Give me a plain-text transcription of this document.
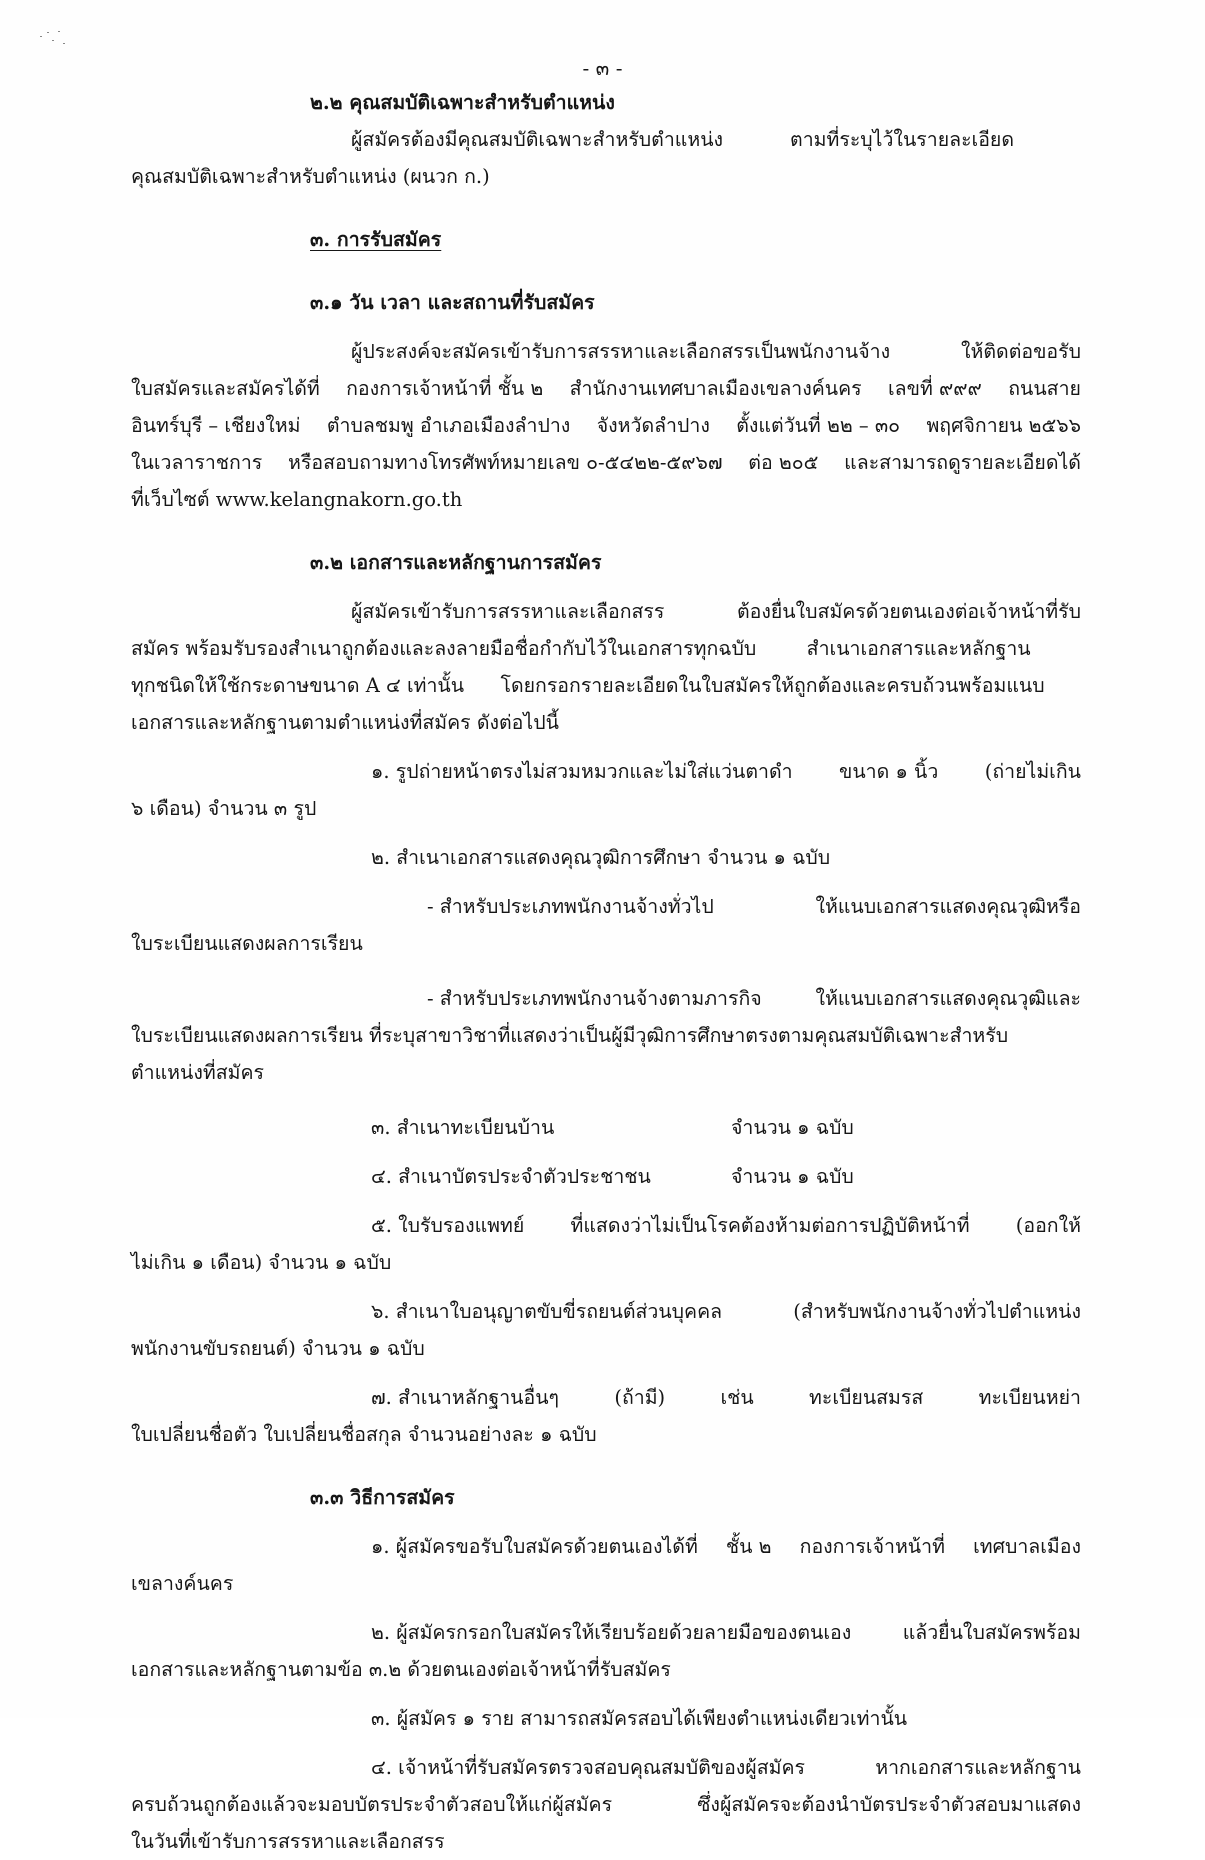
- ๓ -
๒.๒ คุณสมบัติเฉพาะสำหรับตำแหน่ง
ผู้สมัครต้องมีคุณสมบัติเฉพาะสำหรับตำแหน่ง	ตามที่ระบุไว้ในรายละเอียด
คุณสมบัติเฉพาะสำหรับตำแหน่ง (ผนวก ก.)
๓. การรับสมัคร
๓.๑ วัน เวลา และสถานที่รับสมัคร
ผู้ประสงค์จะสมัครเข้ารับการสรรหาและเลือกสรรเป็นพนักงานจ้าง	ให้ติดต่อขอรับ
ใบสมัครและสมัครได้ที่ กองการเจ้าหน้าที่ ชั้น ๒ สำนักงานเทศบาลเมืองเขลางค์นคร เลขที่ ๙๙๙ ถนนสาย
อินทร์บุรี – เชียงใหม่ ตำบลชมพู อำเภอเมืองลำปาง จังหวัดลำปาง ตั้งแต่วันที่ ๒๒ – ๓๐ พฤศจิกายน ๒๕๖๖
ในเวลาราชการ หรือสอบถามทางโทรศัพท์หมายเลข ๐-๕๔๒๒-๕๙๖๗ ต่อ ๒๐๕ และสามารถดูรายละเอียดได้
ที่เว็บไซต์ www.kelangnakorn.go.th
๓.๒ เอกสารและหลักฐานการสมัคร
ผู้สมัครเข้ารับการสรรหาและเลือกสรร	ต้องยื่นใบสมัครด้วยตนเองต่อเจ้าหน้าที่รับ
สมัคร พร้อมรับรองสำเนาถูกต้องและลงลายมือชื่อกำกับไว้ในเอกสารทุกฉบับ	สำเนาเอกสารและหลักฐาน
ทุกชนิดให้ใช้กระดาษขนาด A ๔ เท่านั้น โดยกรอกรายละเอียดในใบสมัครให้ถูกต้องและครบถ้วนพร้อมแนบ
เอกสารและหลักฐานตามตำแหน่งที่สมัคร ดังต่อไปนี้
๑. รูปถ่ายหน้าตรงไม่สวมหมวกและไม่ใส่แว่นตาดำ ขนาด ๑ นิ้ว (ถ่ายไม่เกิน
๖ เดือน) จำนวน ๓ รูป
๒. สำเนาเอกสารแสดงคุณวุฒิการศึกษา จำนวน ๑ ฉบับ
- สำหรับประเภทพนักงานจ้างทั่วไป	ให้แนบเอกสารแสดงคุณวุฒิหรือ
ใบระเบียนแสดงผลการเรียน
- สำหรับประเภทพนักงานจ้างตามภารกิจ	ให้แนบเอกสารแสดงคุณวุฒิและ
ใบระเบียนแสดงผลการเรียน ที่ระบุสาขาวิชาที่แสดงว่าเป็นผู้มีวุฒิการศึกษาตรงตามคุณสมบัติเฉพาะสำหรับ
ตำแหน่งที่สมัคร
๓. สำเนาทะเบียนบ้าน	จำนวน ๑ ฉบับ
๔. สำเนาบัตรประจำตัวประชาชน	จำนวน ๑ ฉบับ
๕. ใบรับรองแพทย์ ที่แสดงว่าไม่เป็นโรคต้องห้ามต่อการปฏิบัติหน้าที่ (ออกให้
ไม่เกิน ๑ เดือน) จำนวน ๑ ฉบับ
๖. สำเนาใบอนุญาตขับขี่รถยนต์ส่วนบุคคล	(สำหรับพนักงานจ้างทั่วไปตำแหน่ง
พนักงานขับรถยนต์) จำนวน ๑ ฉบับ
๗. สำเนาหลักฐานอื่นๆ	(ถ้ามี)	เช่น	ทะเบียนสมรส	ทะเบียนหย่า
ใบเปลี่ยนชื่อตัว ใบเปลี่ยนชื่อสกุล จำนวนอย่างละ ๑ ฉบับ
๓.๓ วิธีการสมัคร
๑. ผู้สมัครขอรับใบสมัครด้วยตนเองได้ที่ ชั้น ๒ กองการเจ้าหน้าที่ เทศบาลเมือง
เขลางค์นคร
๒. ผู้สมัครกรอกใบสมัครให้เรียบร้อยด้วยลายมือของตนเอง	แล้วยื่นใบสมัครพร้อม
เอกสารและหลักฐานตามข้อ ๓.๒ ด้วยตนเองต่อเจ้าหน้าที่รับสมัคร
๓. ผู้สมัคร ๑ ราย สามารถสมัครสอบได้เพียงตำแหน่งเดียวเท่านั้น
๔. เจ้าหน้าที่รับสมัครตรวจสอบคุณสมบัติของผู้สมัคร	หากเอกสารและหลักฐาน
ครบถ้วนถูกต้องแล้วจะมอบบัตรประจำตัวสอบให้แก่ผู้สมัคร	ซึ่งผู้สมัครจะต้องนำบัตรประจำตัวสอบมาแสดง
ในวันที่เข้ารับการสรรหาและเลือกสรร
